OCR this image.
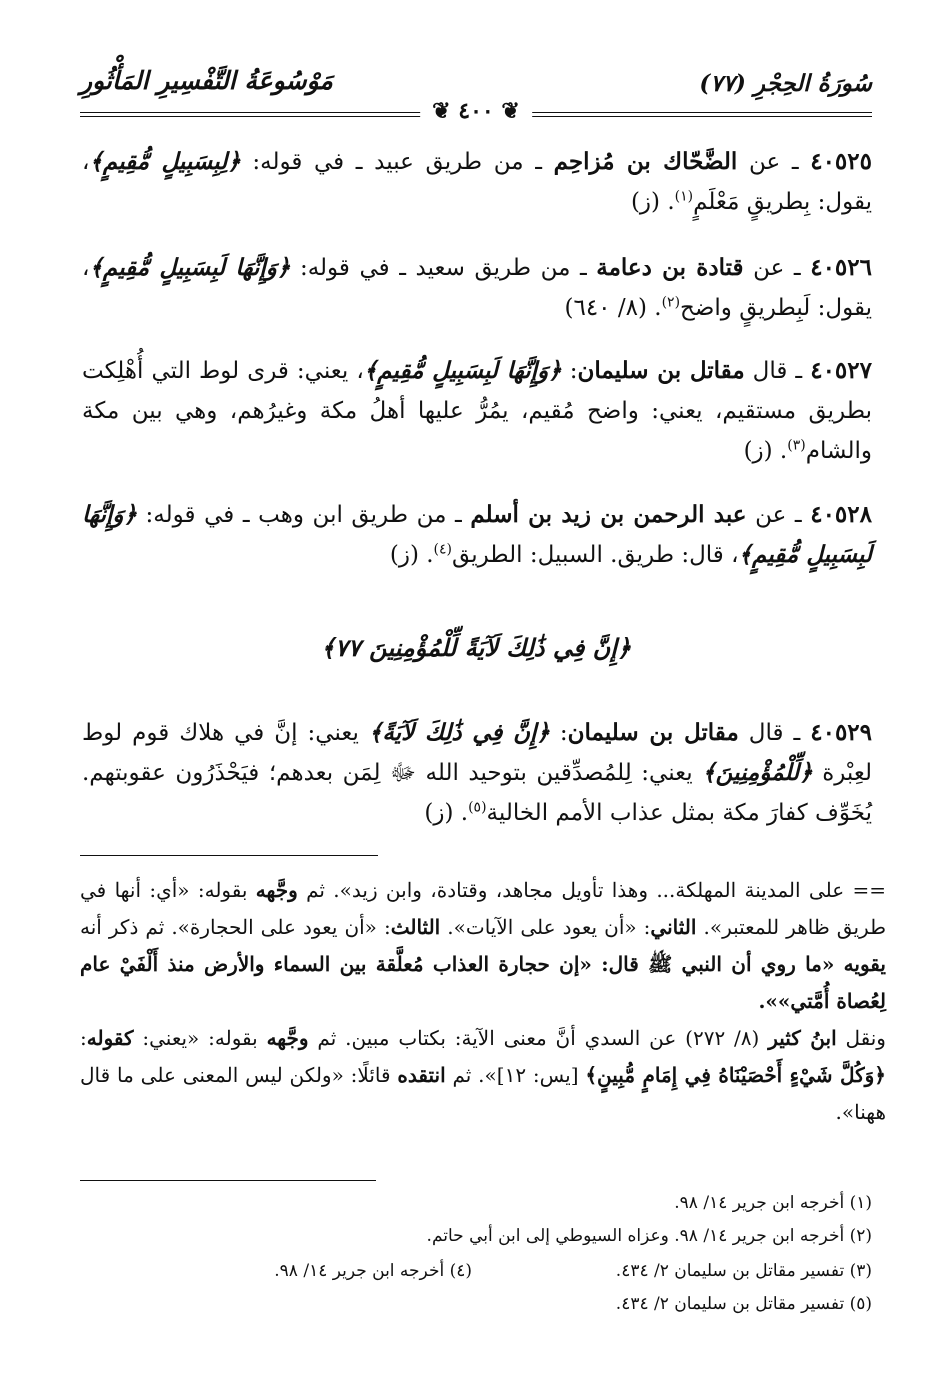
سُورَةُ الحِجْرِ (٧٧)
مَوْسُوعَةُ التَّفْسِيرِ المَأْثُورِ
❦ ٤٠٠ ❦

٤٠٥٢٥ ـ عن الضَّحّاك بن مُزاحِم ـ من طريق عبيد ـ في قوله: ﴿لِبِسَبِيلٍ مُّقِيمٍ﴾، يقول: بِطريقٍ مَعْلَمٍ$^{(١)}$. (ز)

٤٠٥٢٦ ـ عن قتادة بن دعامة ـ من طريق سعيد ـ في قوله: ﴿وَإِنَّهَا لَبِسَبِيلٍ مُّقِيمٍ﴾، يقول: لَبِطريقٍ واضح$^{(٢)}$. (٨/ ٦٤٠)

٤٠٥٢٧ ـ قال مقاتل بن سليمان: ﴿وَإِنَّهَا لَبِسَبِيلٍ مُّقِيمٍ﴾، يعني: قرى لوط التي أُهْلِكت بطريق مستقيم، يعني: واضح مُقيم، يمُرُّ عليها أهلُ مكة وغيرُهم، وهي بين مكة والشام$^{(٣)}$. (ز)

٤٠٥٢٨ ـ عن عبد الرحمن بن زيد بن أسلم ـ من طريق ابن وهب ـ في قوله: ﴿وَإِنَّهَا لَبِسَبِيلٍ مُّقِيمٍ﴾، قال: طريق. السبيل: الطريق$^{(٤)}$. (ز)

﴿إِنَّ فِي ذَٰلِكَ لَآيَةً لِّلْمُؤْمِنِينَ ٧٧﴾

٤٠٥٢٩ ـ قال مقاتل بن سليمان: ﴿إِنَّ فِي ذَٰلِكَ لَآيَةً﴾ يعني: إنَّ في هلاك قوم لوط لعِبْرة ﴿لِّلْمُؤْمِنِينَ﴾ يعني: لِلمُصدِّقين بتوحيد الله ﷻ لِمَن بعدهم؛ فيَحْذَرُون عقوبتهم. يُخَوِّف كفارَ مكة بمثل عذاب الأمم الخالية$^{(٥)}$. (ز)

== على المدينة المهلكة... وهذا تأويل مجاهد، وقتادة، وابن زيد». ثم وجَّهه بقوله: «أي: أنها في طريق ظاهر للمعتبر». الثاني: «أن يعود على الآيات». الثالث: «أن يعود على الحجارة». ثم ذكر أنه يقويه «ما روي أن النبي ﷺ قال: «إن حجارة العذاب مُعلَّقة بين السماء والأرض منذ أَلْفَيْ عام لِعُصاة أُمَّتي»».

ونقل ابنُ كثير (٨/ ٢٧٢) عن السدي أنَّ معنى الآية: بكتاب مبين. ثم وجَّهه بقوله: «يعني: كقوله: ﴿وَكُلَّ شَيْءٍ أَحْصَيْنَاهُ فِي إِمَامٍ مُّبِينٍ﴾ [يس: ١٢]». ثم انتقده قائلًا: «ولكن ليس المعنى على ما قال ههنا».

(١) أخرجه ابن جرير ١٤/ ٩٨.
(٢) أخرجه ابن جرير ١٤/ ٩٨. وعزاه السيوطي إلى ابن أبي حاتم.
(٣) تفسير مقاتل بن سليمان ٢/ ٤٣٤.
(٤) أخرجه ابن جرير ١٤/ ٩٨.
(٥) تفسير مقاتل بن سليمان ٢/ ٤٣٤.
